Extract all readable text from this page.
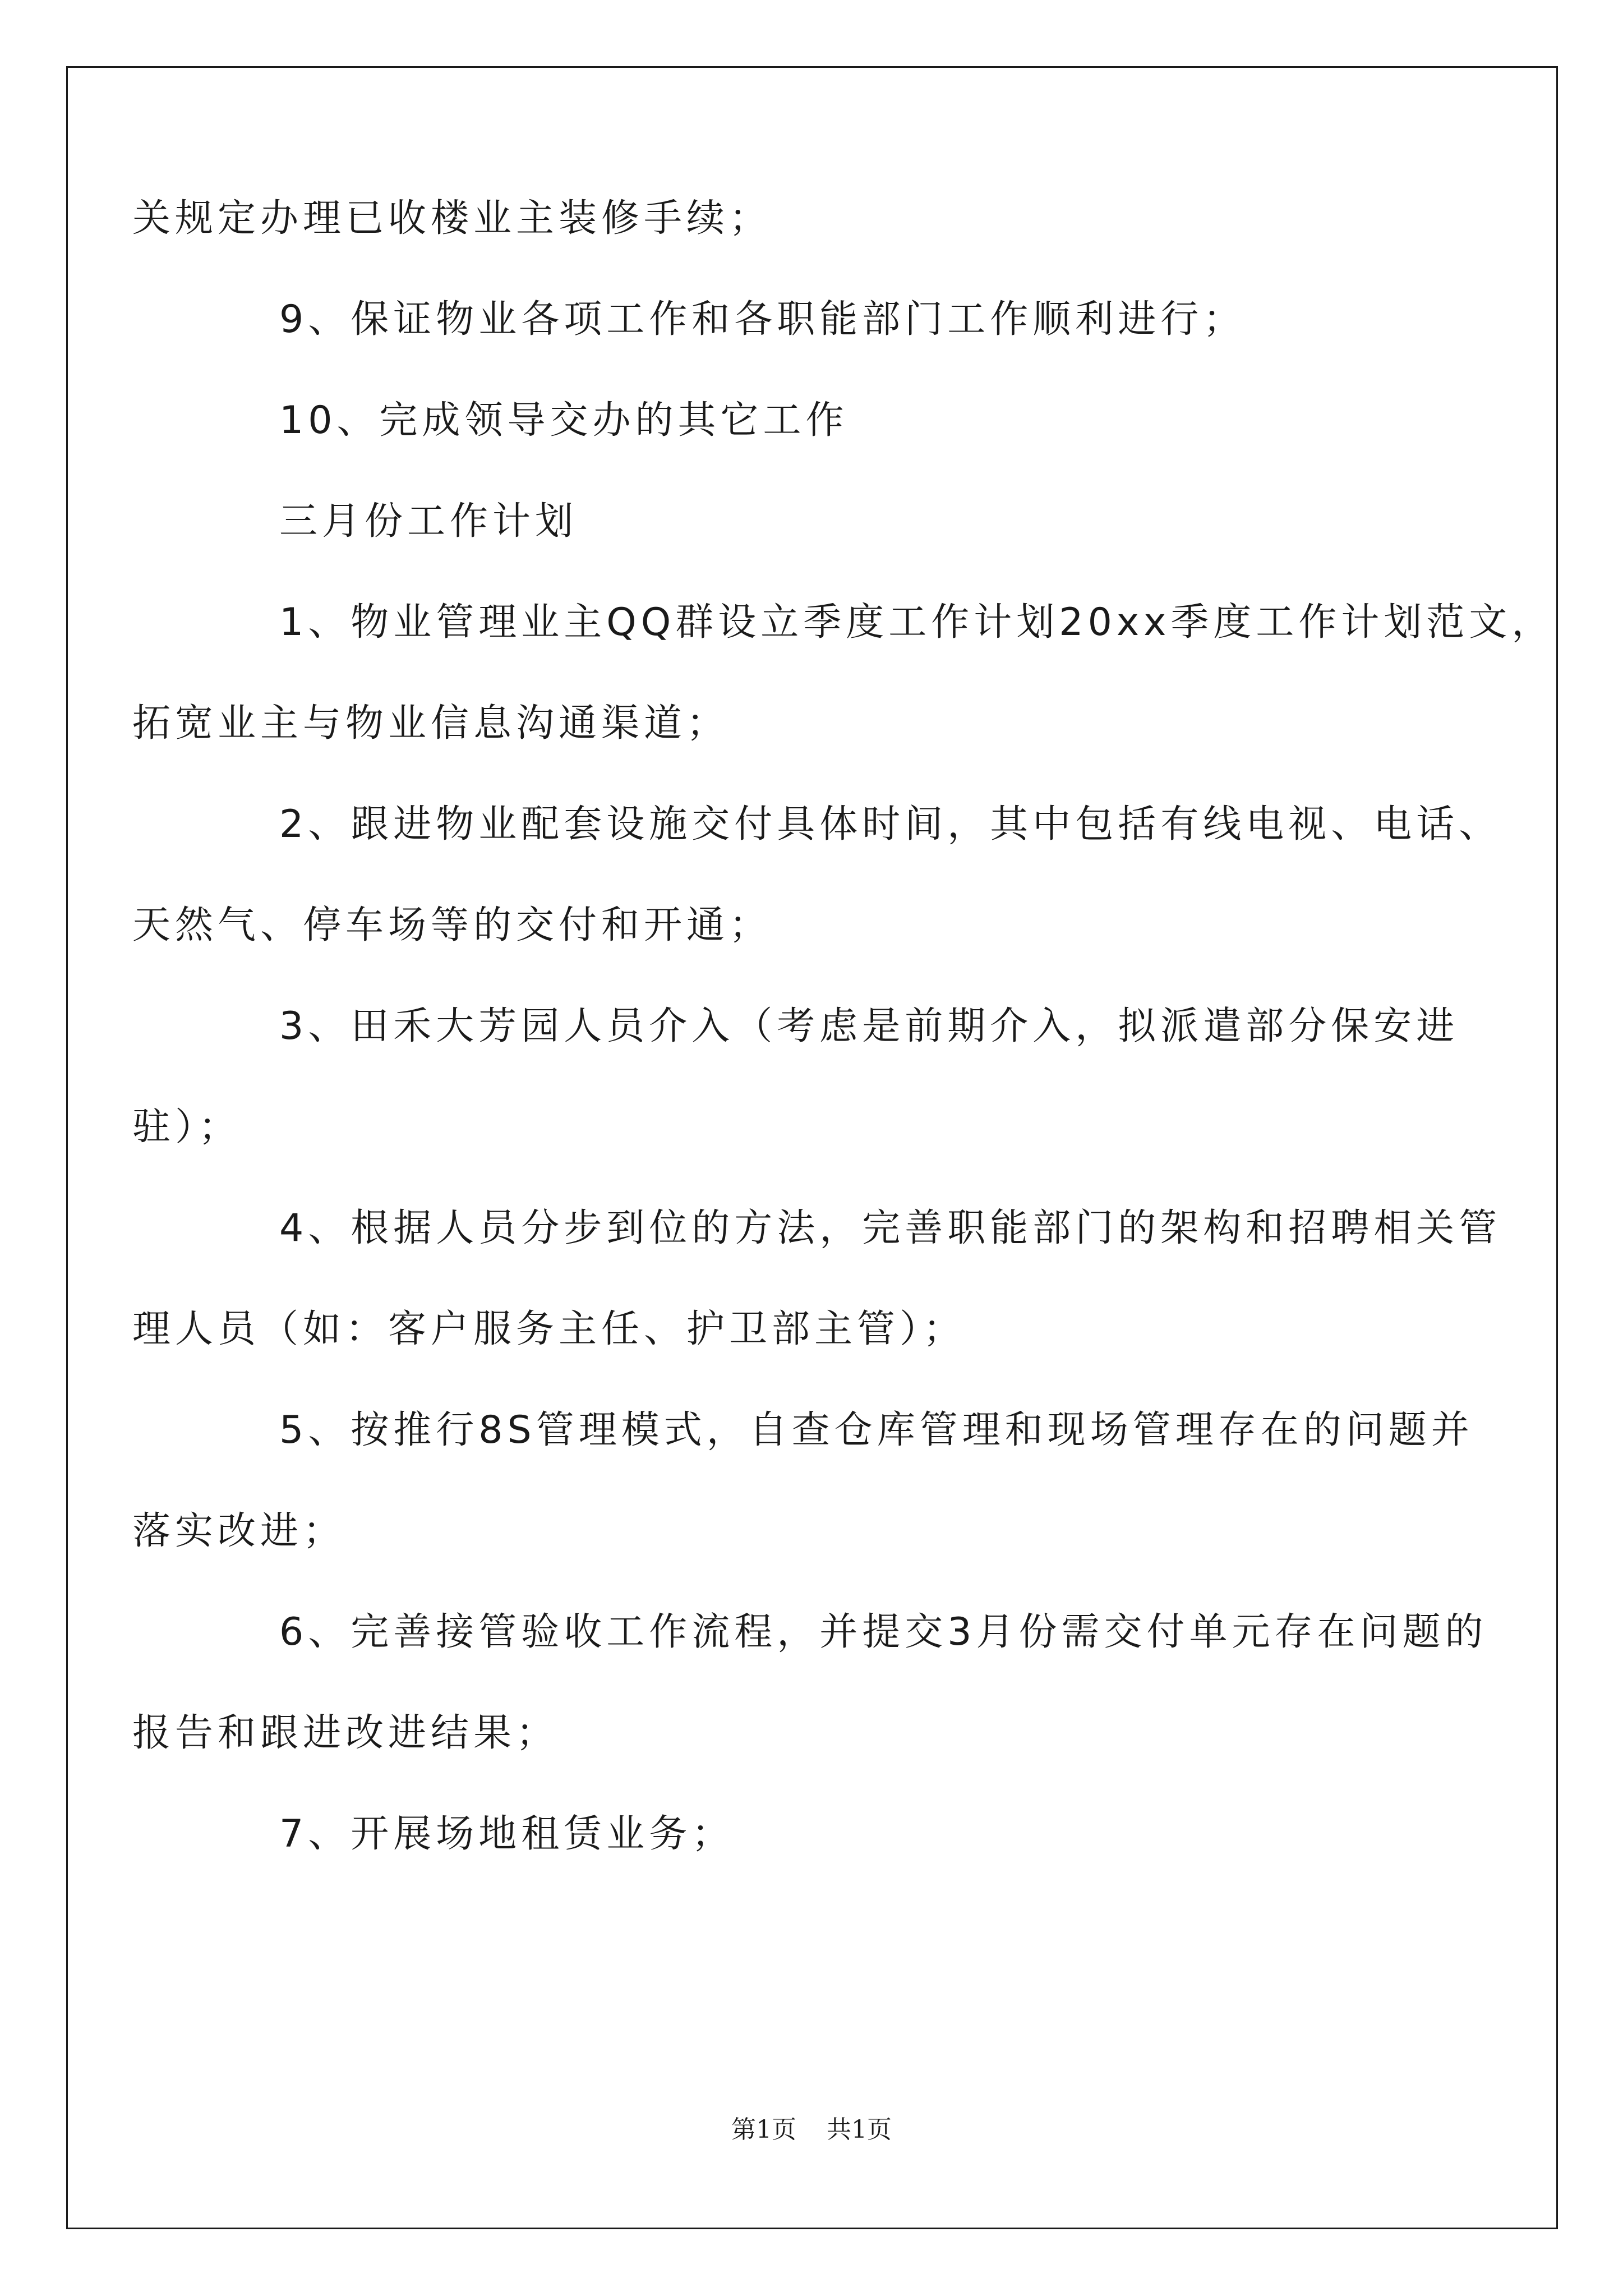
关规定办理已收楼业主装修手续；

9、保证物业各项工作和各职能部门工作顺利进行；

10、完成领导交办的其它工作

三月份工作计划

1、物业管理业主QQ群设立季度工作计划20xx季度工作计划范文，

拓宽业主与物业信息沟通渠道；

2、跟进物业配套设施交付具体时间，其中包括有线电视、电话、

天然气、停车场等的交付和开通；

3、田禾大芳园人员介入（考虑是前期介入，拟派遣部分保安进

驻）；

4、根据人员分步到位的方法，完善职能部门的架构和招聘相关管

理人员（如：客户服务主任、护卫部主管）；

5、按推行8S管理模式，自查仓库管理和现场管理存在的问题并

落实改进；

6、完善接管验收工作流程，并提交3月份需交付单元存在问题的

报告和跟进改进结果；

7、开展场地租赁业务；

第1页 共1页
